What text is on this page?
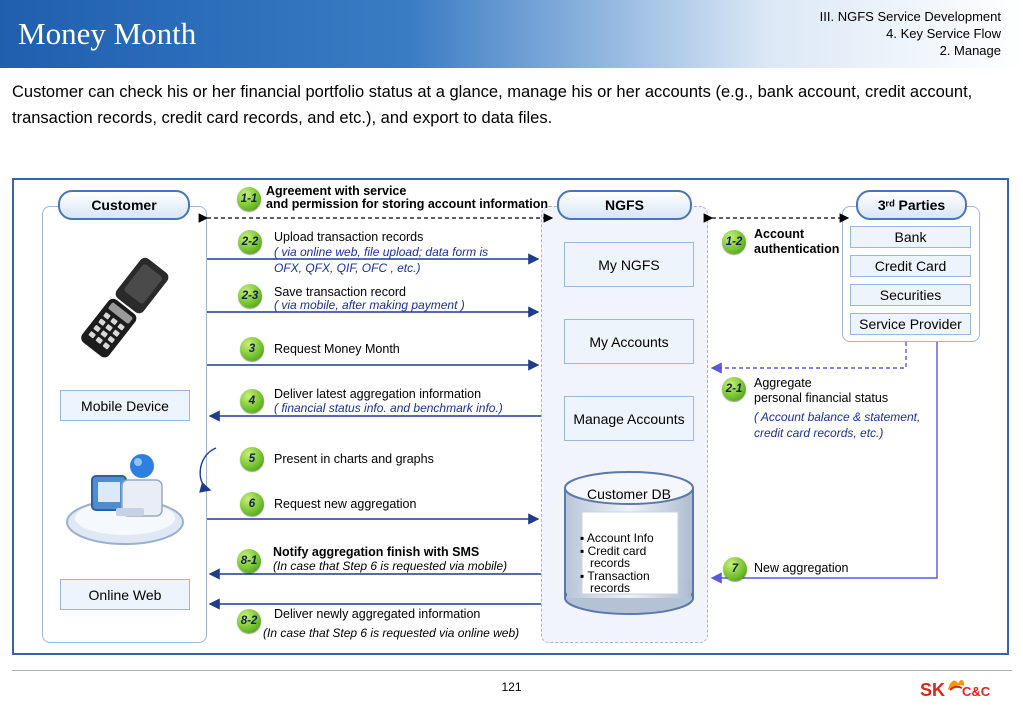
Money Month	III. NGFS Service Development
4. Key Service Flow
2. Manage
Customer can check his or her financial portfolio status at a glance, manage his or her accounts (e.g., bank account, credit account, transaction records, credit card records, and etc.), and export to data files.
Customer	NGFS	3ʳᵈ Parties
Mobile Device
Online Web
My NGFS
My Accounts
Manage Accounts
Customer DB
▪ Account Info
▪ Credit card
records
▪ Transaction
records
Bank
Credit Card
Securities
Service Provider
1-1
Agreement with service
and permission for storing account information
1-2
Account
authentication
2-2 Upload transaction records
( via online web, file upload; data form is
OFX, QFX, QIF, OFC , etc.)
2-3 Save transaction record
( via mobile, after making payment )
3	Request Money Month
2-1 Aggregate
personal financial status
( Account balance & statement,
credit card records, etc.)
4	Deliver latest aggregation information
( financial status info. and benchmark info.)
5	Present in charts and graphs
6	Request new aggregation
8-1
Notify aggregation finish with SMS
(In case that Step 6 is requested via mobile)	7	New aggregation
8-2 Deliver newly aggregated information
(In case that Step 6 is requested via online web)
121	SK C&C
